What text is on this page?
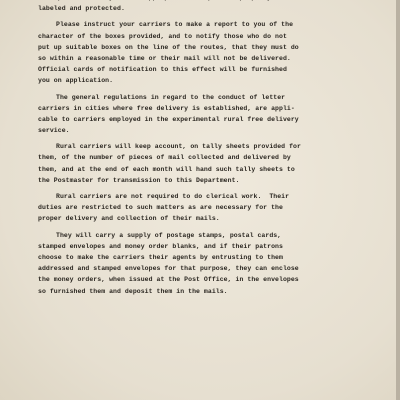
labeled and protected.
Please instruct your carriers to make a report to you of the
character of the boxes provided, and to notify those who do not
put up suitable boxes on the line of the routes, that they must do
so within a reasonable time or their mail will not be delivered.
Official cards of notification to this effect will be furnished
you on application.
The general regulations in regard to the conduct of letter
carriers in cities where free delivery is established, are appli-
cable to carriers employed in the experimental rural free delivery
service.
Rural carriers will keep account, on tally sheets provided for
them, of the number of pieces of mail collected and delivered by
them, and at the end of each month will hand such tally sheets to
the Postmaster for transmission to this Department.
Rural carriers are not required to do clerical work.  Their
duties are restricted to such matters as are necessary for the
proper delivery and collection of their mails.
They will carry a supply of postage stamps, postal cards,
stamped envelopes and money order blanks, and if their patrons
choose to make the carriers their agents by entrusting to them
addressed and stamped envelopes for that purpose, they can enclose
the money orders, when issued at the Post Office, in the envelopes
so furnished them and deposit them in the mails.
